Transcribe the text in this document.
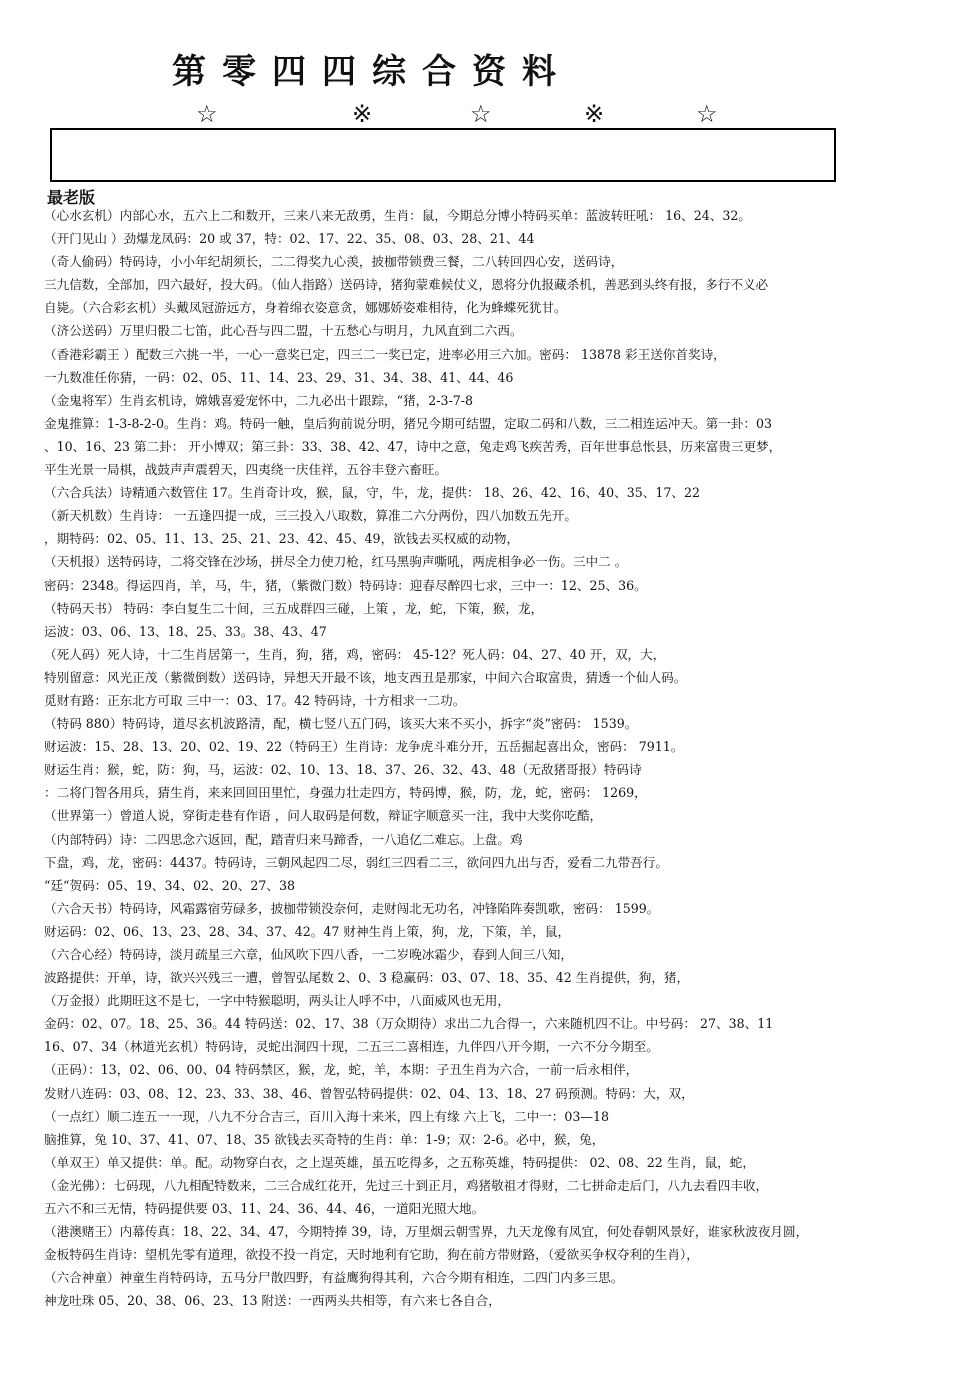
第零四四综合资料
☆	※	☆	※	☆
最老版
（心水玄机）内部心水，五六上二和数开，三来八来无敌勇，生肖：鼠，今期总分博小特码买单：蓝波转旺吼： 16、24、32。
（开门见山 ）劲爆龙凤码：20 或 37，特：02、17、22、35、08、03、28、21、44
（奇人偷码）特码诗，小小年纪胡须长，二二得奖九心羡，披枷带锁费三餐，二八转回四心安，送码诗，
三九信数，全部加，四六最好，投大码。（仙人指路）送码诗，猪狗蒙难候仗义，恩将分仇报藏杀机，善恶到头终有报，多行不义必
自毙。（六合彩玄机）头戴凤冠游远方，身着绵衣姿意贪，娜娜娇姿难相待，化为蜂蝶死犹甘。
（济公送码）万里归骰二七笛，此心吾与四二盟，十五愁心与明月，九风直到二六西。
（香港彩霸王 ）配数三六挑一半，一心一意奖已定，四三二一奖已定，进率必用三六加。密码： 13878 彩王送你首奖诗，
一九数准任你猜，一码：02、05、11、14、23、29、31、34、38、41、44、46
（金鬼将军）生肖玄机诗，嫦娥喜爱宠怀中，二九必出十跟踪，“猪，2-3-7-8
金鬼推算：1-3-8-2-0。生肖：鸡。特码一触，皇后狗前说分明，猪兄今期可结盟，定取二码和八数，三二相连运冲天。第一卦：03
、10、16、23 第二卦： 开小博双；第三卦：33、38、42、47，诗中之意，兔走鸡飞疾苦秀，百年世事总怅县，历来富贵三更梦，
平生光景一局棋，战鼓声声震碧天，四夷绕一庆佳祥，五谷丰登六畜旺。
（六合兵法）诗精通六数管住 17。生肖奇计攻，猴，鼠，守，牛，龙，提供： 18、26、42、16、40、35、17、22
（新天机数）生肖诗： 一五逢四提一成，三三投入八取数，算准二六分两份，四八加数五先开。
，期特码：02、05、11、13、25、21、23、42、45、49，欲钱去买权威的动物，
（天机报）送特码诗，二将交锋在沙场，拼尽全力使刀枪，红马黑驹声嘶吼，两虎相争必一伤。三中二 。
密码：2348。得运四肖，羊，马，牛，猪，（紫微门数）特码诗：迎春尽醉四七求，三中一：12、25、36。
（特码天书） 特码：李白复生二十间，三五成群四三碰，上策 ，龙，蛇，下策，猴，龙，
运波：03、06、13、18、25、33。38、43、47
（死人码）死人诗，十二生肖居第一，生肖，狗，猪，鸡，密码： 45-12？死人码：04、27、40 开，双，大，
特别留意：风光正茂（紫微倒数）送码诗，异想天开最不该，地支西丑是那家，中间六合取富贵，猜透一个仙人码。
觅财有路：正东北方可取 三中一：03、17。42 特码诗，十方相求一二功。
（特码 880）特码诗，道尽玄机波路清，配，横七竖八五门码，该买大来不买小，拆字“炎”密码： 1539。
财运波：15、28、13、20、02、19、22（特码王）生肖诗：龙争虎斗难分开，五岳掘起喜出众，密码： 7911。
财运生肖：猴，蛇，防：狗，马，运波：02、10、13、18、37、26、32、43、48（无敌猪哥报）特码诗
：二将门智各用兵，猜生肖，来来回回田里忙，身强力壮走四方，特码博，猴，防，龙，蛇，密码： 1269，
（世界第一）曾道人说，穿街走巷有作语 ，问人取码是何数，辩证字顺意买一注，我中大奖你吃酷，
（内部特码）诗：二四思念六返回，配，踏青归来马蹄香，一八追亿二难忘。上盘。鸡
下盘，鸡，龙，密码：4437。特码诗，三朝风起四二尽，弱红三四看二三，欲问四九出与否，爱看二九带吾行。
“廷“贺码：05、19、34、02、20、27、38
（六合天书）特码诗，风霜露宿劳碌多，披枷带锁没奈何，走财闯北无功名，冲锋陷阵奏凯歌，密码： 1599。
财运码：02、06、13、23、28、34、37、42。47 财神生肖上策，狗，龙，下策，羊，鼠，
（六合心经）特码诗，淡月疏星三六章，仙风吹下四八香，一二岁晚冰霜少，春到人间三八知，
波路提供：开单，诗，欲兴兴残三一遭，曾智弘尾数 2、0、3 稳赢码：03、07、18、35、42 生肖提供，狗，猪，
（万金报）此期旺这不是七，一字中特猴聪明，两头让人呼不中，八面威风也无用，
金码：02、07。18、25、36。44 特码送：02、17、38（万众期待）求出二九合得一，六来随机四不让。中号码： 27、38、11
16、07、34（林道光玄机）特码诗，灵蛇出洞四十现，二五三二喜相连，九伴四八开今期，一六不分今期至。
（正码）：13，02、06、00、04 特码禁区，猴，龙，蛇，羊，本期：子丑生肖为六合，一前一后永相伴，
发财八连码：03、08、12、23、33、38、46、曾智弘特码提供：02、04、13、18、27 码预测。特码：大，双，
（一点红）顺二连五一一现，八九不分合吉三，百川入海十来米，四上有缘 六上飞，二中一：03—18
脑推算，兔 10、37、41、07、18、35 欲钱去买奇特的生肖：单：1-9；双：2-6。必中，猴，兔，
（单双王）单又提供：单。配。动物穿白衣，之上逞英雄，虽五吃得多，之五称英雄，特码提供： 02、08、22 生肖，鼠，蛇，
（金光佛）：七码现，八九相配特数来，二三合成红花开，先过三十到正月，鸡猪敬祖才得财，二七拼命走后门，八九去看四丰收，
五六不和三无情，特码提供要 03、11、24、36、44、46，一道阳光照大地。
（港澳赌王）内幕传真：18、22、34、47，今期特捧 39，诗，万里烟云朝雪界，九天龙像有凤宜，何处春朝风景好，谁家秋波夜月圆，
金板特码生肖诗：望机先零有道理，欲投不投一肖定，天时地利有它助，狗在前方带财路，（爱欲买争权夺利的生肖），
（六合神童）神童生肖特码诗，五马分尸散四野，有益鹰狗得其利，六合今期有相连，二四门内多三思。
神龙吐珠 05、20、38、06、23、13 附送：一西两头共相等，有六来七各自合，
